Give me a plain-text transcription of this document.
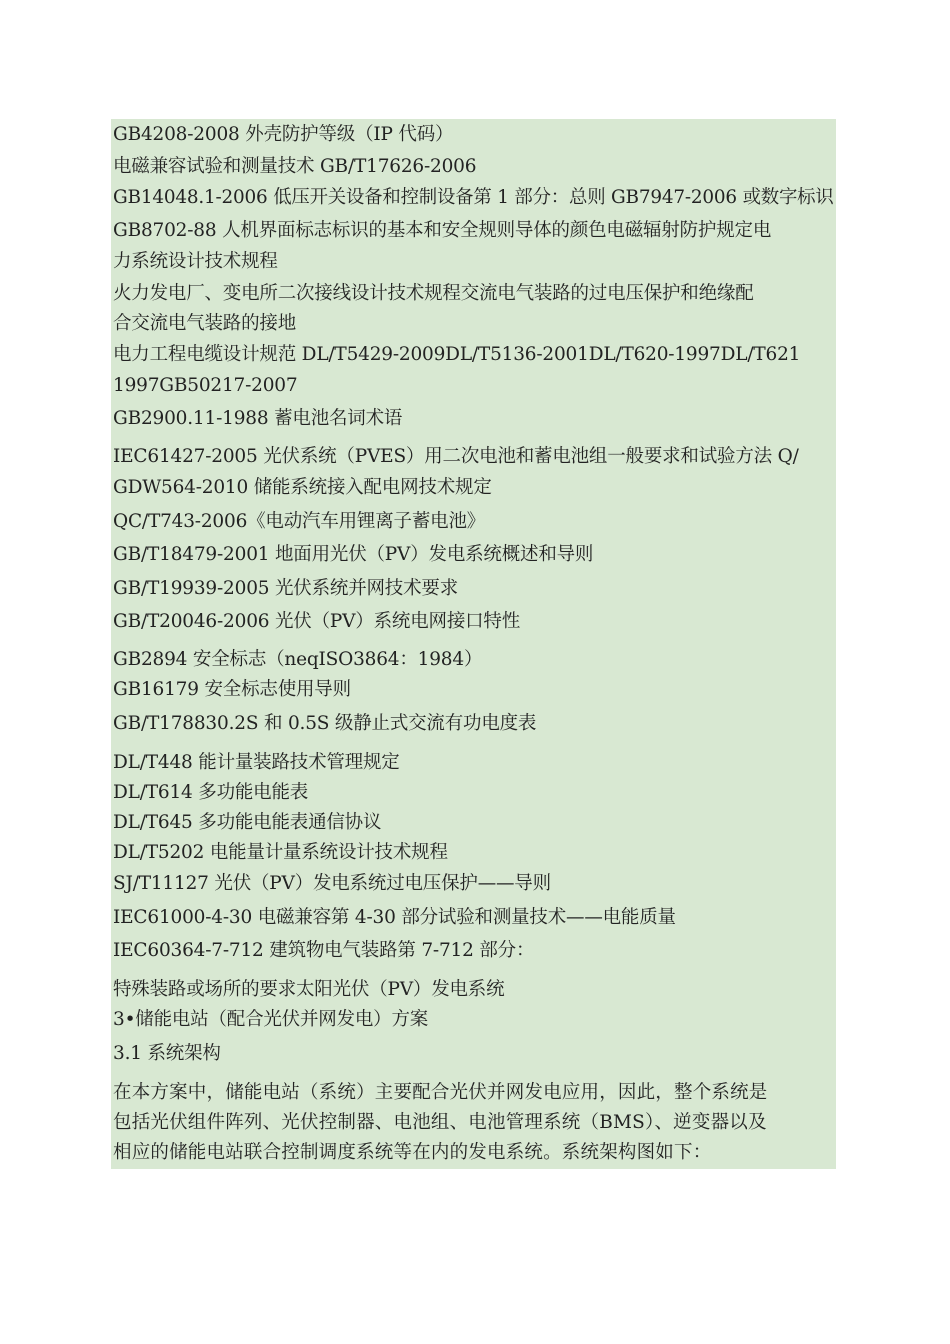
GB4208-2008 外壳防护等级（IP 代码）
电磁兼容试验和测量技术 GB/T17626-2006
GB14048.1-2006 低压开关设备和控制设备第 1 部分：总则 GB7947-2006 或数字标识
GB8702-88 人机界面标志标识的基本和安全规则导体的颜色电磁辐射防护规定电
力系统设计技术规程
火力发电厂、变电所二次接线设计技术规程交流电气装路的过电压保护和绝缘配
合交流电气装路的接地
电力工程电缆设计规范 DL/T5429-2009DL/T5136-2001DL/T620-1997DL/T621
1997GB50217-2007
GB2900.11-1988 蓄电池名词术语
IEC61427-2005 光伏系统（PVES）用二次电池和蓄电池组一般要求和试验方法 Q/
GDW564-2010 储能系统接入配电网技术规定
QC/T743-2006《电动汽车用锂离子蓄电池》
GB/T18479-2001 地面用光伏（PV）发电系统概述和导则
GB/T19939-2005 光伏系统并网技术要求
GB/T20046-2006 光伏（PV）系统电网接口特性
GB2894 安全标志（neqISO3864：1984）
GB16179 安全标志使用导则
GB/T178830.2S 和 0.5S 级静止式交流有功电度表
DL/T448 能计量装路技术管理规定
DL/T614 多功能电能表
DL/T645 多功能电能表通信协议
DL/T5202 电能量计量系统设计技术规程
SJ/T11127 光伏（PV）发电系统过电压保护——导则
IEC61000-4-30 电磁兼容第 4-30 部分试验和测量技术——电能质量
IEC60364-7-712 建筑物电气装路第 7-712 部分：
特殊装路或场所的要求太阳光伏（PV）发电系统
3•储能电站（配合光伏并网发电）方案
3.1 系统架构
在本方案中，储能电站（系统）主要配合光伏并网发电应用，因此，整个系统是
包括光伏组件阵列、光伏控制器、电池组、电池管理系统（BMS）、逆变器以及
相应的储能电站联合控制调度系统等在内的发电系统。系统架构图如下：
